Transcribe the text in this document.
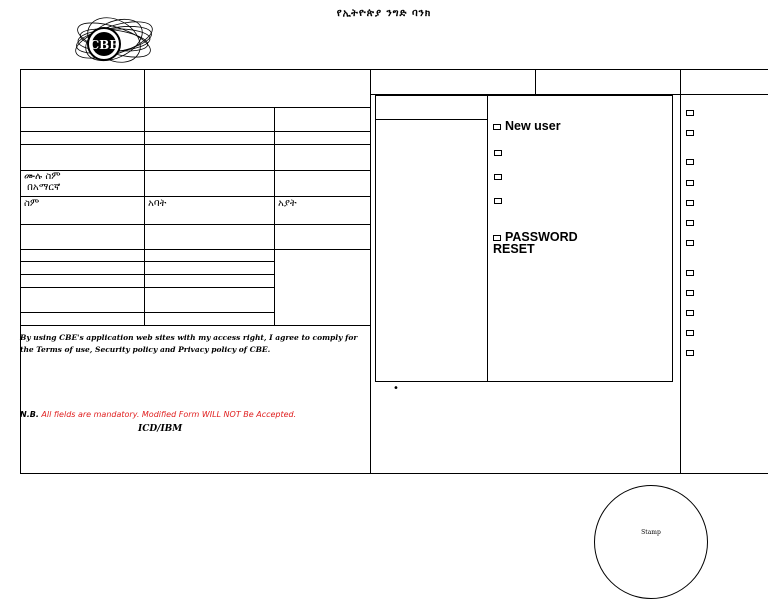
የኢትዮጵያ ንግድ ባንክ
CBE
ሙሉ ስም
በአማርኛ
ስም	አባት	አያት
By using CBE's application web sites with my access right, I agree to comply for the Terms of use, Security policy and Privacy policy of CBE.
N.B. All fields are mandatory. Modified Form WILL NOT Be Accepted.
ICD/IBM
New user
PASSWORD
RESET
•
Stamp
